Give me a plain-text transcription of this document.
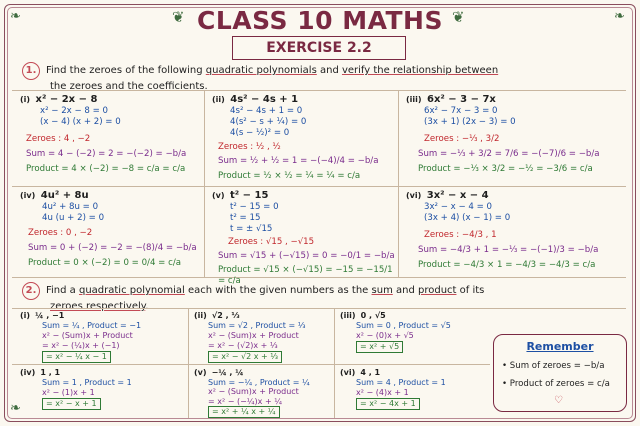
❦	❦
❧	❧
❧
CLASS 10 MATHS
EXERCISE 2.2
1. Find the zeroes of the following quadratic polynomials and verify the relationship between
the zeroes and the coefficients.
(i) x² − 2x − 8
x² − 2x − 8 = 0
(x − 4) (x + 2) = 0
Zeroes : 4 , −2
Sum = 4 − (−2) = 2 = −(−2) = −b/a
Product = 4 × (−2) = −8 = c/a = c/a
(ii) 4s² − 4s + 1
4s² − 4s + 1 = 0
4(s² − s + ¼) = 0
4(s − ½)² = 0
Zeroes : ½ , ½
Sum = ½ + ½ = 1 = −(−4)/4 = −b/a
Product = ½ × ½ = ¼ = ¼ = c/a
(iii) 6x² − 3 − 7x
6x² − 7x − 3 = 0
(3x + 1) (2x − 3) = 0
Zeroes : −⅓ , 3/2
Sum = −⅓ + 3/2 = 7/6 = −(−7)/6 = −b/a
Product = −⅓ × 3/2 = −½ = −3/6 = c/a
(iv) 4u² + 8u
4u² + 8u = 0
4u (u + 2) = 0
Zeroes : 0 , −2
Sum = 0 + (−2) = −2 = −(8)/4 = −b/a
Product = 0 × (−2) = 0 = 0/4 = c/a
(v) t² − 15
t² − 15 = 0
t² = 15
t = ± √15
Zeroes : √15 , −√15
Sum = √15 + (−√15) = 0 = −0/1 = −b/a
Product = √15 × (−√15) = −15 = −15/1 = c/a
(vi) 3x² − x − 4
3x² − x − 4 = 0
(3x + 4) (x − 1) = 0
Zeroes : −4/3 , 1
Sum = −4/3 + 1 = −⅓ = −(−1)/3 = −b/a
Product = −4/3 × 1 = −4/3 = −4/3 = c/a
2. Find a quadratic polynomial each with the given numbers as the sum and product of its
zeroes respectively.
(i) ¼ , −1
Sum = ¼ , Product = −1
x² − (Sum)x + Product
= x² − (¼)x + (−1)
= x² − ¼ x − 1
(ii) √2 , ⅓
Sum = √2 , Product = ⅓
x² − (Sum)x + Product
= x² − (√2)x + ⅓
= x² − √2 x + ⅓
(iii) 0 , √5
Sum = 0 , Product = √5
x² − (0)x + √5
= x² + √5
(iv) 1 , 1
Sum = 1 , Product = 1
x² − (1)x + 1
= x² − x + 1
(v) −¼ , ¼
Sum = −¼ , Product = ¼
x² − (Sum)x + Product
= x² − (−¼)x + ¼
= x² + ¼ x + ¼
(vi) 4 , 1
Sum = 4 , Product = 1
x² − (4)x + 1
= x² − 4x + 1
Remember
• Sum of zeroes = −b/a
• Product of zeroes = c/a
♡
